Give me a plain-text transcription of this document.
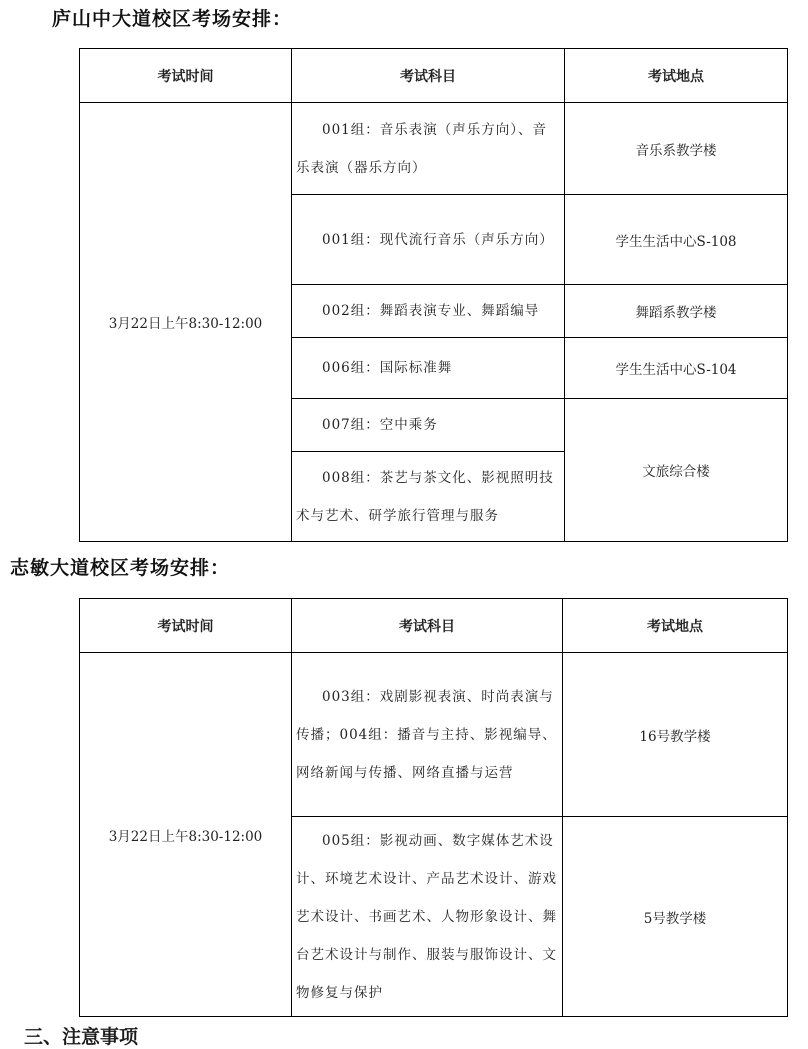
庐山中大道校区考场安排：
考试时间	考试科目	考试地点
3月22日上午8:30-12:00	001组：音乐表演（声乐方向）、音乐表演（器乐方向）	音乐系教学楼
	001组：现代流行音乐（声乐方向）	学生生活中心S-108
	002组：舞蹈表演专业、舞蹈编导	舞蹈系教学楼
	006组：国际标准舞	学生生活中心S-104
	007组：空中乘务	文旅综合楼
	008组：茶艺与茶文化、影视照明技术与艺术、研学旅行管理与服务	
志敏大道校区考场安排：
考试时间	考试科目	考试地点
3月22日上午8:30-12:00	003组：戏剧影视表演、时尚表演与传播；004组：播音与主持、影视编导、网络新闻与传播、网络直播与运营	16号教学楼
	005组：影视动画、数字媒体艺术设计、环境艺术设计、产品艺术设计、游戏艺术设计、书画艺术、人物形象设计、舞台艺术设计与制作、服装与服饰设计、文物修复与保护	5号教学楼
三、注意事项
